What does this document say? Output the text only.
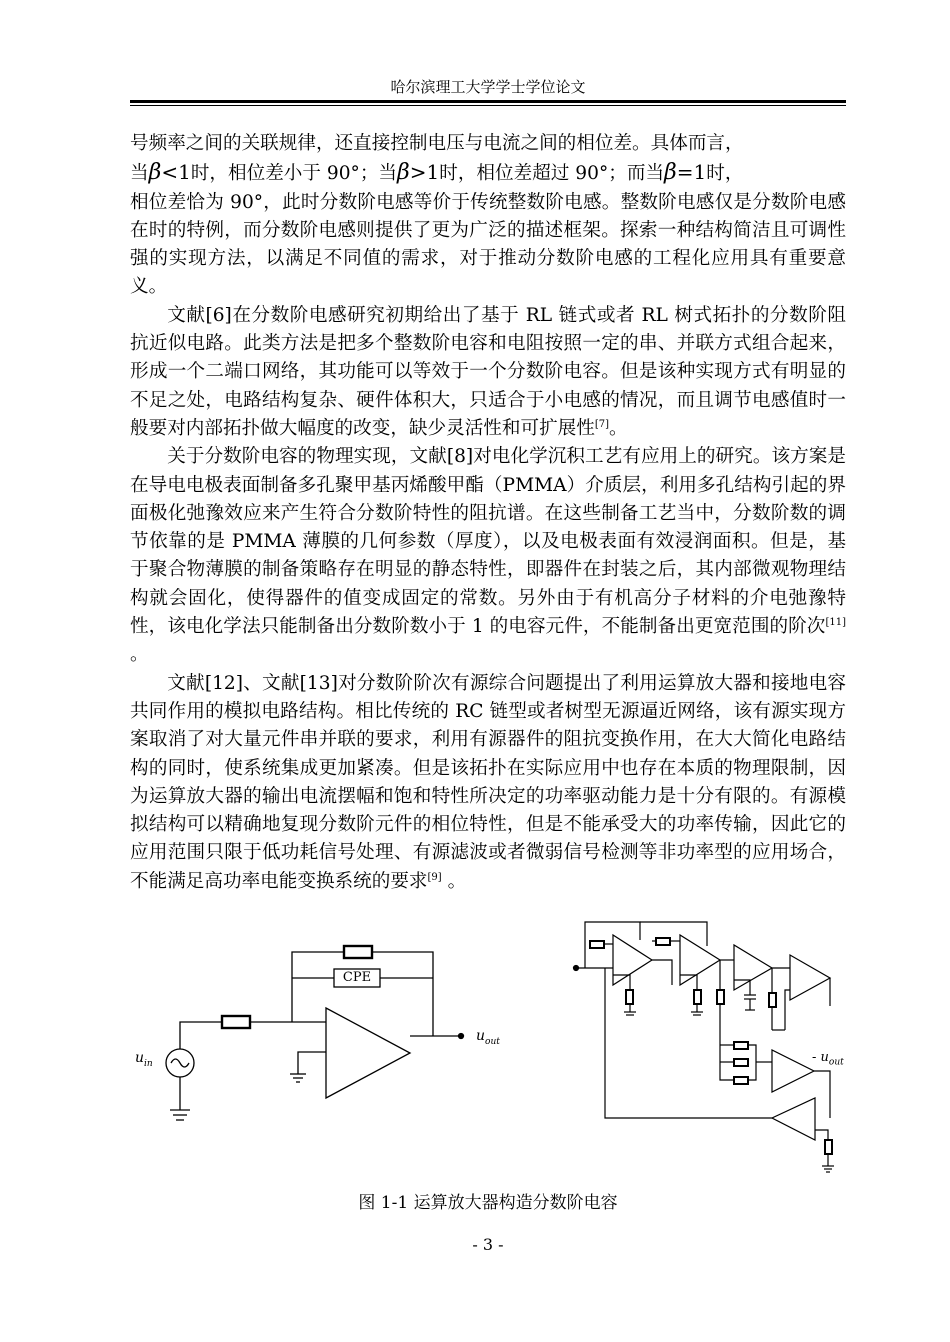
哈尔滨理工大学学士学位论文

号频率之间的关联规律，还直接控制电压与电流之间的相位差。具体而言，
当β<1时，相位差小于 90°；当β>1时，相位差超过 90°；而当β=1时，
相位差恰为 90°，此时分数阶电感等价于传统整数阶电感。整数阶电感仅是分数阶电感在时的特例，而分数阶电感则提供了更为广泛的描述框架。探索一种结构简洁且可调性强的实现方法，以满足不同值的需求，对于推动分数阶电感的工程化应用具有重要意义。

文献[6]在分数阶电感研究初期给出了基于 RL 链式或者 RL 树式拓扑的分数阶阻抗近似电路。此类方法是把多个整数阶电容和电阻按照一定的串、并联方式组合起来，形成一个二端口网络，其功能可以等效于一个分数阶电容。但是该种实现方式有明显的不足之处，电路结构复杂、硬件体积大，只适合于小电感的情况，而且调节电感值时一般要对内部拓扑做大幅度的改变，缺少灵活性和可扩展性[7]。

关于分数阶电容的物理实现，文献[8]对电化学沉积工艺有应用上的研究。该方案是在导电电极表面制备多孔聚甲基丙烯酸甲酯（PMMA）介质层，利用多孔结构引起的界面极化弛豫效应来产生符合分数阶特性的阻抗谱。在这些制备工艺当中，分数阶数的调节依靠的是 PMMA 薄膜的几何参数（厚度），以及电极表面有效浸润面积。但是，基于聚合物薄膜的制备策略存在明显的静态特性，即器件在封装之后，其内部微观物理结构就会固化，使得器件的值变成固定的常数。另外由于有机高分子材料的介电弛豫特性，该电化学法只能制备出分数阶数小于 1 的电容元件，不能制备出更宽范围的阶次[11] 。

文献[12]、文献[13]对分数阶阶次有源综合问题提出了利用运算放大器和接地电容共同作用的模拟电路结构。相比传统的 RC 链型或者树型无源逼近网络，该有源实现方案取消了对大量元件串并联的要求，利用有源器件的阻抗变换作用，在大大简化电路结构的同时，使系统集成更加紧凑。但是该拓扑在实际应用中也存在本质的物理限制，因为运算放大器的输出电流摆幅和饱和特性所决定的功率驱动能力是十分有限的。有源模拟结构可以精确地复现分数阶元件的相位特性，但是不能承受大的功率传输，因此它的应用范围只限于低功耗信号处理、有源滤波或者微弱信号检测等非功率型的应用场合，不能满足高功率电能变换系统的要求[9] 。

CPE
$u_{in}$
$u_{out}$
- $u_{out}$
图 1-1 运算放大器构造分数阶电容
- 3 -
